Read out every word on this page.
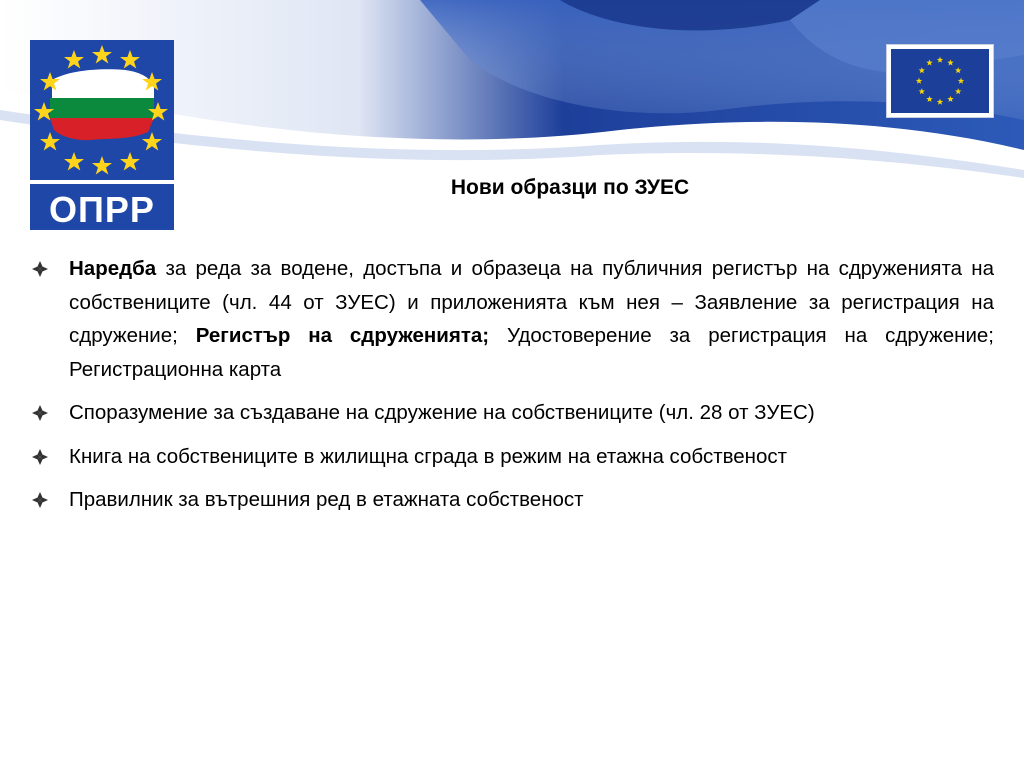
ОПРР
Нови образци по ЗУЕС
Наредба за реда за водене, достъпа и образеца на публичния регистър на сдруженията на собствениците (чл. 44 от ЗУЕС) и приложенията към нея – Заявление за регистрация на сдружение; Регистър на сдруженията; Удостоверение за регистрация на сдружение; Регистрационна карта
Споразумение за създаване на сдружение на собствениците (чл. 28 от ЗУЕС)
Книга на собствениците в жилищна сграда в режим на етажна собственост
Правилник за вътрешния ред в етажната собственост
